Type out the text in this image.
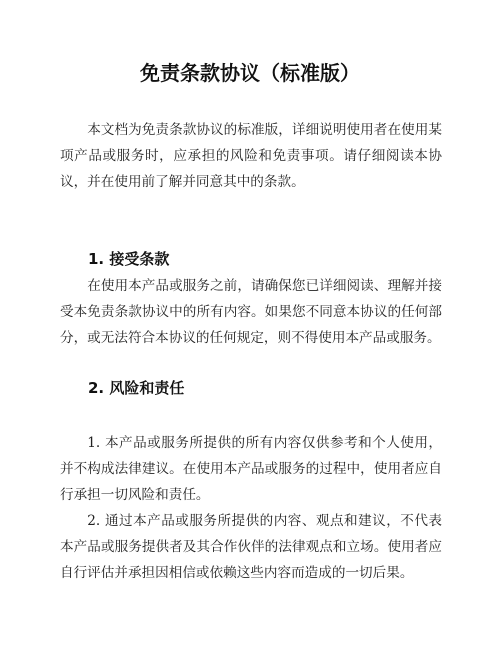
免责条款协议（标准版）

本文档为免责条款协议的标准版，详细说明使用者在使用某项产品或服务时，应承担的风险和免责事项。请仔细阅读本协议，并在使用前了解并同意其中的条款。

1. 接受条款

在使用本产品或服务之前，请确保您已详细阅读、理解并接受本免责条款协议中的所有内容。如果您不同意本协议的任何部分，或无法符合本协议的任何规定，则不得使用本产品或服务。

2. 风险和责任

1. 本产品或服务所提供的所有内容仅供参考和个人使用，并不构成法律建议。在使用本产品或服务的过程中，使用者应自行承担一切风险和责任。

2. 通过本产品或服务所提供的内容、观点和建议，不代表本产品或服务提供者及其合作伙伴的法律观点和立场。使用者应自行评估并承担因相信或依赖这些内容而造成的一切后果。
